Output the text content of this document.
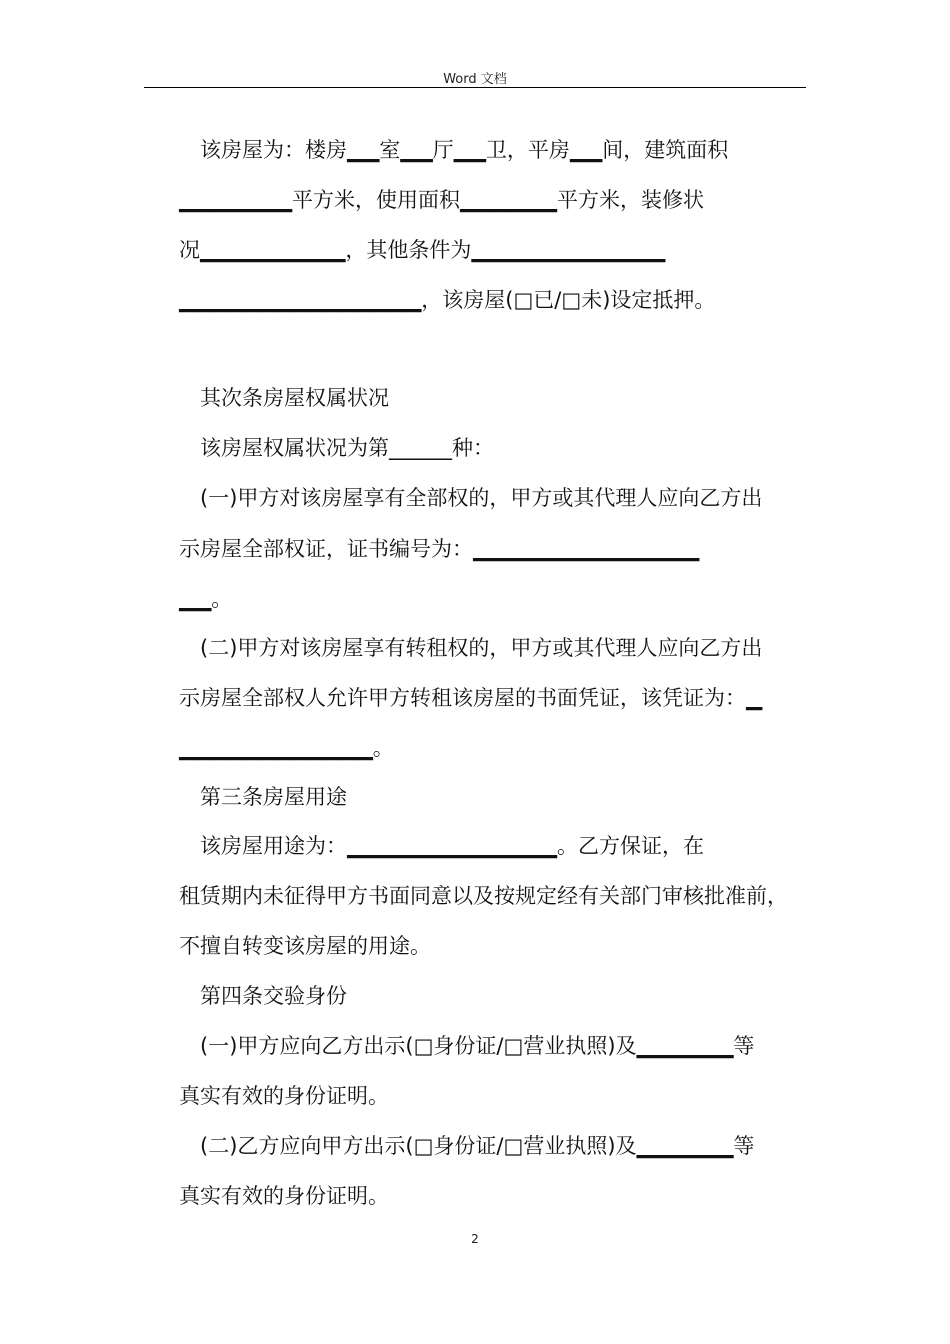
Word 文档
该房屋为：楼房▁▁室▁▁厅▁▁卫，平房▁▁间，建筑面积
▁▁▁▁▁▁▁平方米，使用面积▁▁▁▁▁▁平方米，装修状
况▁▁▁▁▁▁▁▁▁，其他条件为▁▁▁▁▁▁▁▁▁▁▁▁
▁▁▁▁▁▁▁▁▁▁▁▁▁▁▁，该房屋(□已/□未)设定抵押。
其次条房屋权属状况
该房屋权属状况为第______种：
(一)甲方对该房屋享有全部权的，甲方或其代理人应向乙方出
示房屋全部权证，证书编号为：▁▁▁▁▁▁▁▁▁▁▁▁▁▁
▁▁。
(二)甲方对该房屋享有转租权的，甲方或其代理人应向乙方出
示房屋全部权人允许甲方转租该房屋的书面凭证，该凭证为：▁
▁▁▁▁▁▁▁▁▁▁▁▁。
第三条房屋用途
该房屋用途为：▁▁▁▁▁▁▁▁▁▁▁▁▁。乙方保证，在
租赁期内未征得甲方书面同意以及按规定经有关部门审核批准前，
不擅自转变该房屋的用途。
第四条交验身份
(一)甲方应向乙方出示(□身份证/□营业执照)及▁▁▁▁▁▁等
真实有效的身份证明。
(二)乙方应向甲方出示(□身份证/□营业执照)及▁▁▁▁▁▁等
真实有效的身份证明。
2
